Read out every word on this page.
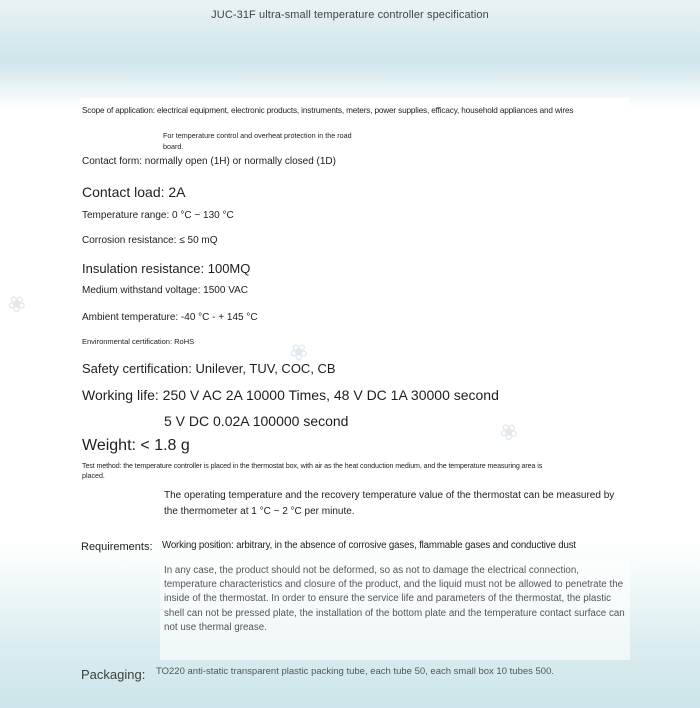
❀
❀
❀

JUC-31F ultra-small temperature controller specification

Scope of application: electrical equipment, electronic products, instruments, meters, power supplies, efficacy, household appliances and wires

For temperature control and overheat protection in the road

board.

Contact form: normally open (1H) or normally closed (1D)

Contact load: 2A

Temperature range: 0 °C ~ 130 °C

Corrosion resistance: ≤ 50 mQ

Insulation resistance: 100MQ

Medium withstand voltage: 1500 VAC

Ambient temperature: -40 °C - + 145 °C

Environmental certification: RoHS

Safety certification: Unilever, TUV, COC, CB

Working life: 250 V AC 2A 10000 Times, 48 V DC 1A 30000 second

5 V DC 0.02A 100000 second

Weight: < 1.8 g

Test method: the temperature controller is placed in the thermostat box, with air as the heat conduction medium, and the temperature measuring area is

placed.

The operating temperature and the recovery temperature value of the thermostat can be measured by the thermometer at 1 °C ~ 2 °C per minute.

Requirements: Working position: arbitrary, in the absence of corrosive gases, flammable gases and conductive dust

In any case, the product should not be deformed, so as not to damage the electrical connection, temperature characteristics and closure of the product, and the liquid must not be allowed to penetrate the inside of the thermostat. In order to ensure the service life and parameters of the thermostat, the plastic shell can not be pressed plate, the installation of the bottom plate and the temperature contact surface can not use thermal grease.

Packaging: TO220 anti-static transparent plastic packing tube, each tube 50, each small box 10 tubes 500.
